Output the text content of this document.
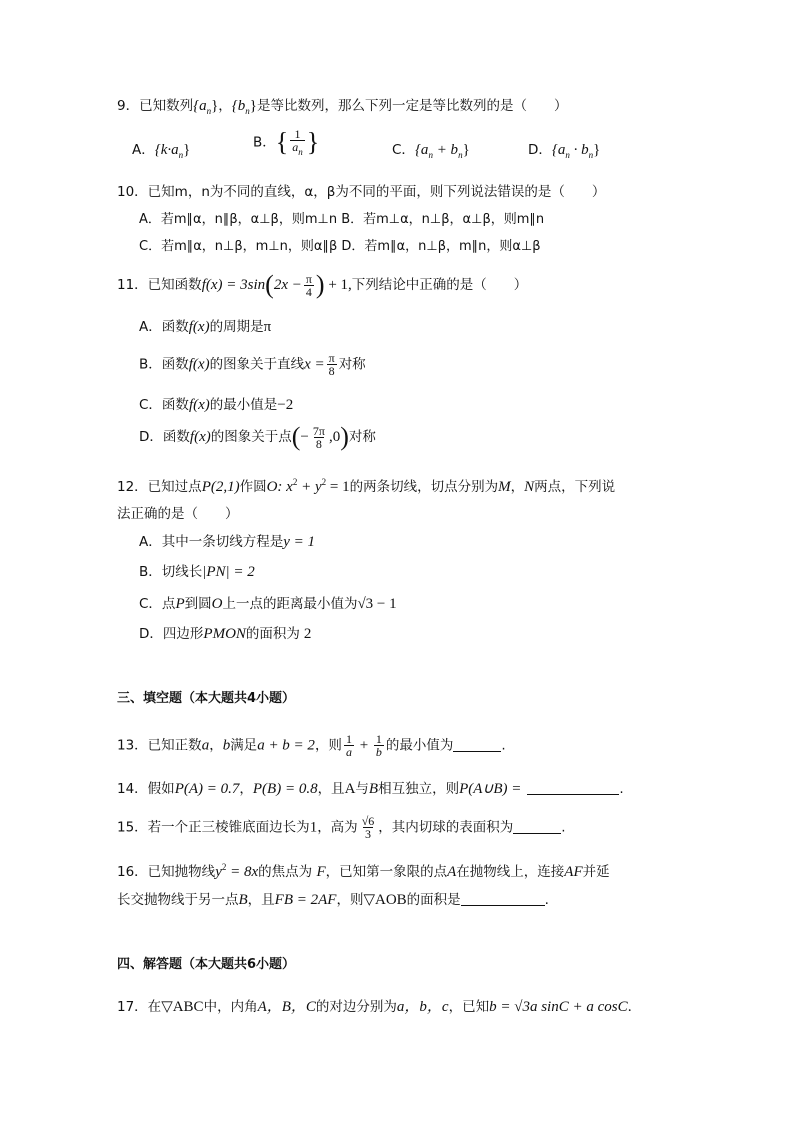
9．已知数列$\{a_n\}$，$\{b_n\}$是等比数列，那么下列一定是等比数列的是（　　）
A．$\{k\cdot a_n\}$	B．{ $\frac{1}{a_n}$ }	C．$\{a_n + b_n\}$	D．$\{a_n \cdot b_n\}$
10．已知m，n为不同的直线，α，β为不同的平面，则下列说法错误的是（　　）
A．若m∥α，n∥β，α⊥β，则m⊥n B．若m⊥α，n⊥β，α⊥β，则m∥n
C．若m∥α，n⊥β，m⊥n，则α∥β D．若m∥α，n⊥β，m∥n，则α⊥β
11．已知函数$f(x) = 3\sin(2x - \frac{\pi}{4}$ ) + 1,下列结论中正确的是（　　）
A．函数f(x)的周期是π
B．函数f(x)的图象关于直线$x = \frac{\pi}{8}$ 对称
C．函数f(x)的最小值是−2
D．函数f(x)的图象关于点(− $\frac{7\pi}{8} ,0$)对称
12．已知过点P(2,1)作圆O: $x^2 + y^2 = 1$的两条切线，切点分别为M，N两点，下列说
法正确的是（　　）
A．其中一条切线方程是y = 1
B．切线长|PN| = 2
C．点P到圆O上一点的距离最小值为√3 − 1
D．四边形PMON的面积为 2
三、填空题（本大题共4小题）
13．已知正数a，b满足a + b = 2，则 $\frac{1}{a} + \frac{1}{b}$ 的最小值为	.
14．假如P(A) = 0.7，P(B) = 0.8，且A与B相互独立，则P(A∪B) =	.
15．若一个正三棱锥底面边长为1，高为 $\frac{√6}{3}$ ，其内切球的表面积为	.
16．已知抛物线$y^2 = 8x$的焦点为 F，已知第一象限的点A在抛物线上，连接AF并延
长交抛物线于另一点B，且FB = 2AF，则▽AOB的面积是	.
四、解答题（本大题共6小题）
17．在▽ABC中，内角A，B，C的对边分别为a，b，c，已知b = √3a sinC + a cosC．
